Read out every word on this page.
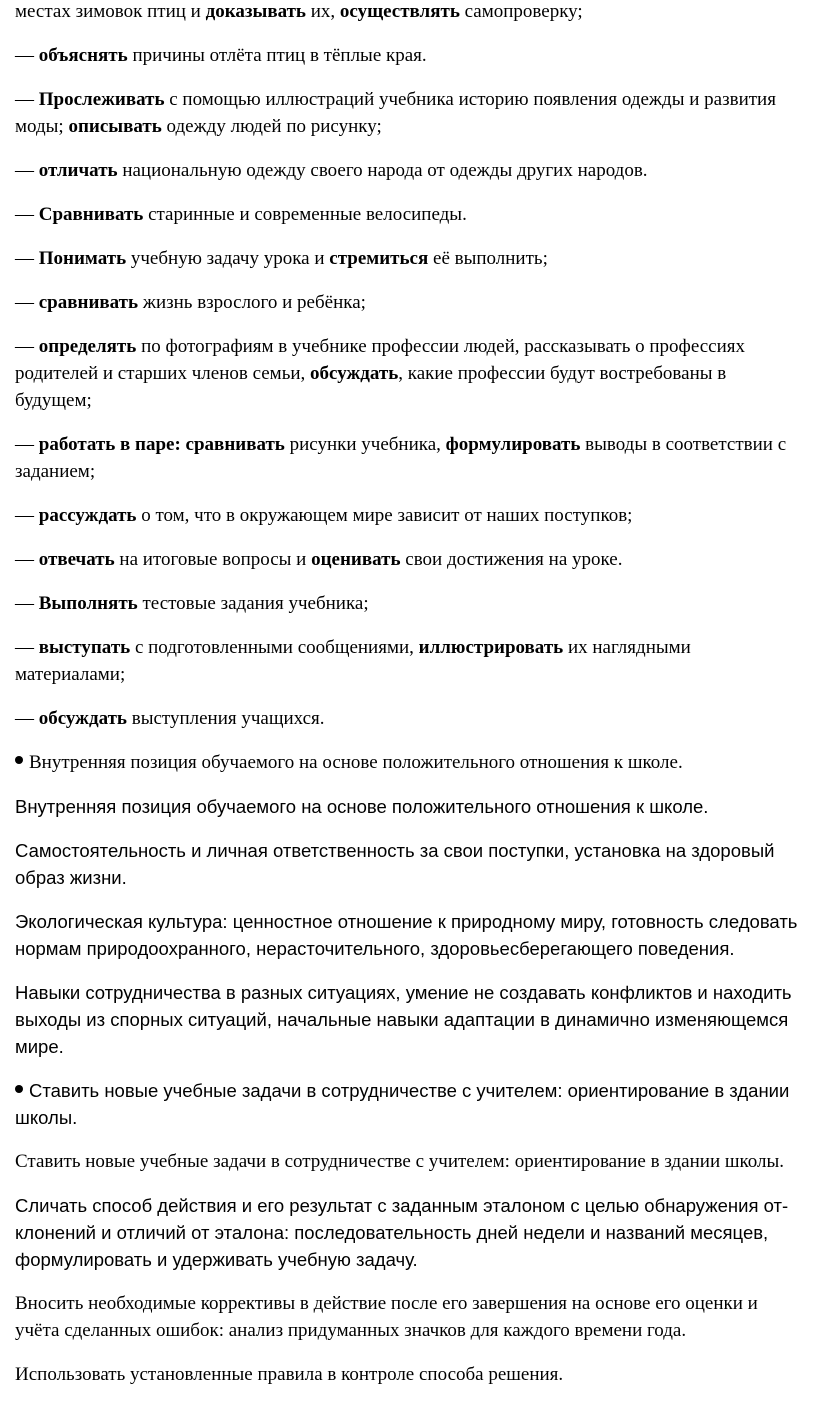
местах зимовок птиц и доказывать их, осуществлять самопроверку;

— объяснять причины отлёта птиц в тёплые края.

— Прослеживать с помощью иллюстраций учебника историю появления одежды и развития моды; описывать одежду людей по рисунку;

— отличать национальную одежду своего народа от одежды других народов.

— Сравнивать старинные и современные велосипеды.

— Понимать учебную задачу урока и стремиться её выполнить;

— сравнивать жизнь взрослого и ребёнка;

— определять по фотографиям в учебнике профессии людей, рассказывать о профессиях родителей и старших членов семьи, обсуждать, какие профессии будут востребованы в будущем;

— работать в паре: сравнивать рисунки учебника, формулировать выводы в соответствии с заданием;

— рассуждать о том, что в окружающем мире зависит от наших поступков;

— отвечать на итоговые вопросы и оценивать свои достижения на уроке.

— Выполнять тестовые задания учебника;

— выступать с подготовленными сообщениями, иллюстрировать их наглядными материалами;

— обсуждать выступления учащихся.

Внутренняя позиция обучаемого на основе положительного отношения к школе.

Внутренняя позиция обучаемого на основе положительного отношения к школе.

Самостоятельность и личная ответственность за свои поступки, установка на здоровый образ жизни.

Экологическая культура: ценностное отношение к природному миру, готовность следовать нормам природоохранного, нерасточительного, здоровьесберегающего поведения.

Навыки сотрудничества в разных ситуациях, умение не создавать конфликтов и находить выходы из спорных ситуаций, начальные навыки адаптации в динамично изменяющемся мире.

Ставить новые учебные задачи в сотрудничестве с учителем: ориентирование в здании школы.

Ставить новые учебные задачи в сотрудничестве с учителем: ориентирование в здании школы.

Сличать способ действия и его результат с заданным эталоном с целью обнаружения от-клонений и отличий от эталона: последовательность дней недели и названий месяцев, формулировать и удерживать учебную задачу.

Вносить необходимые коррективы в действие после его завершения на основе его оценки и учёта сделанных ошибок: анализ придуманных значков для каждого времени года.

Использовать установленные правила в контроле способа решения.
